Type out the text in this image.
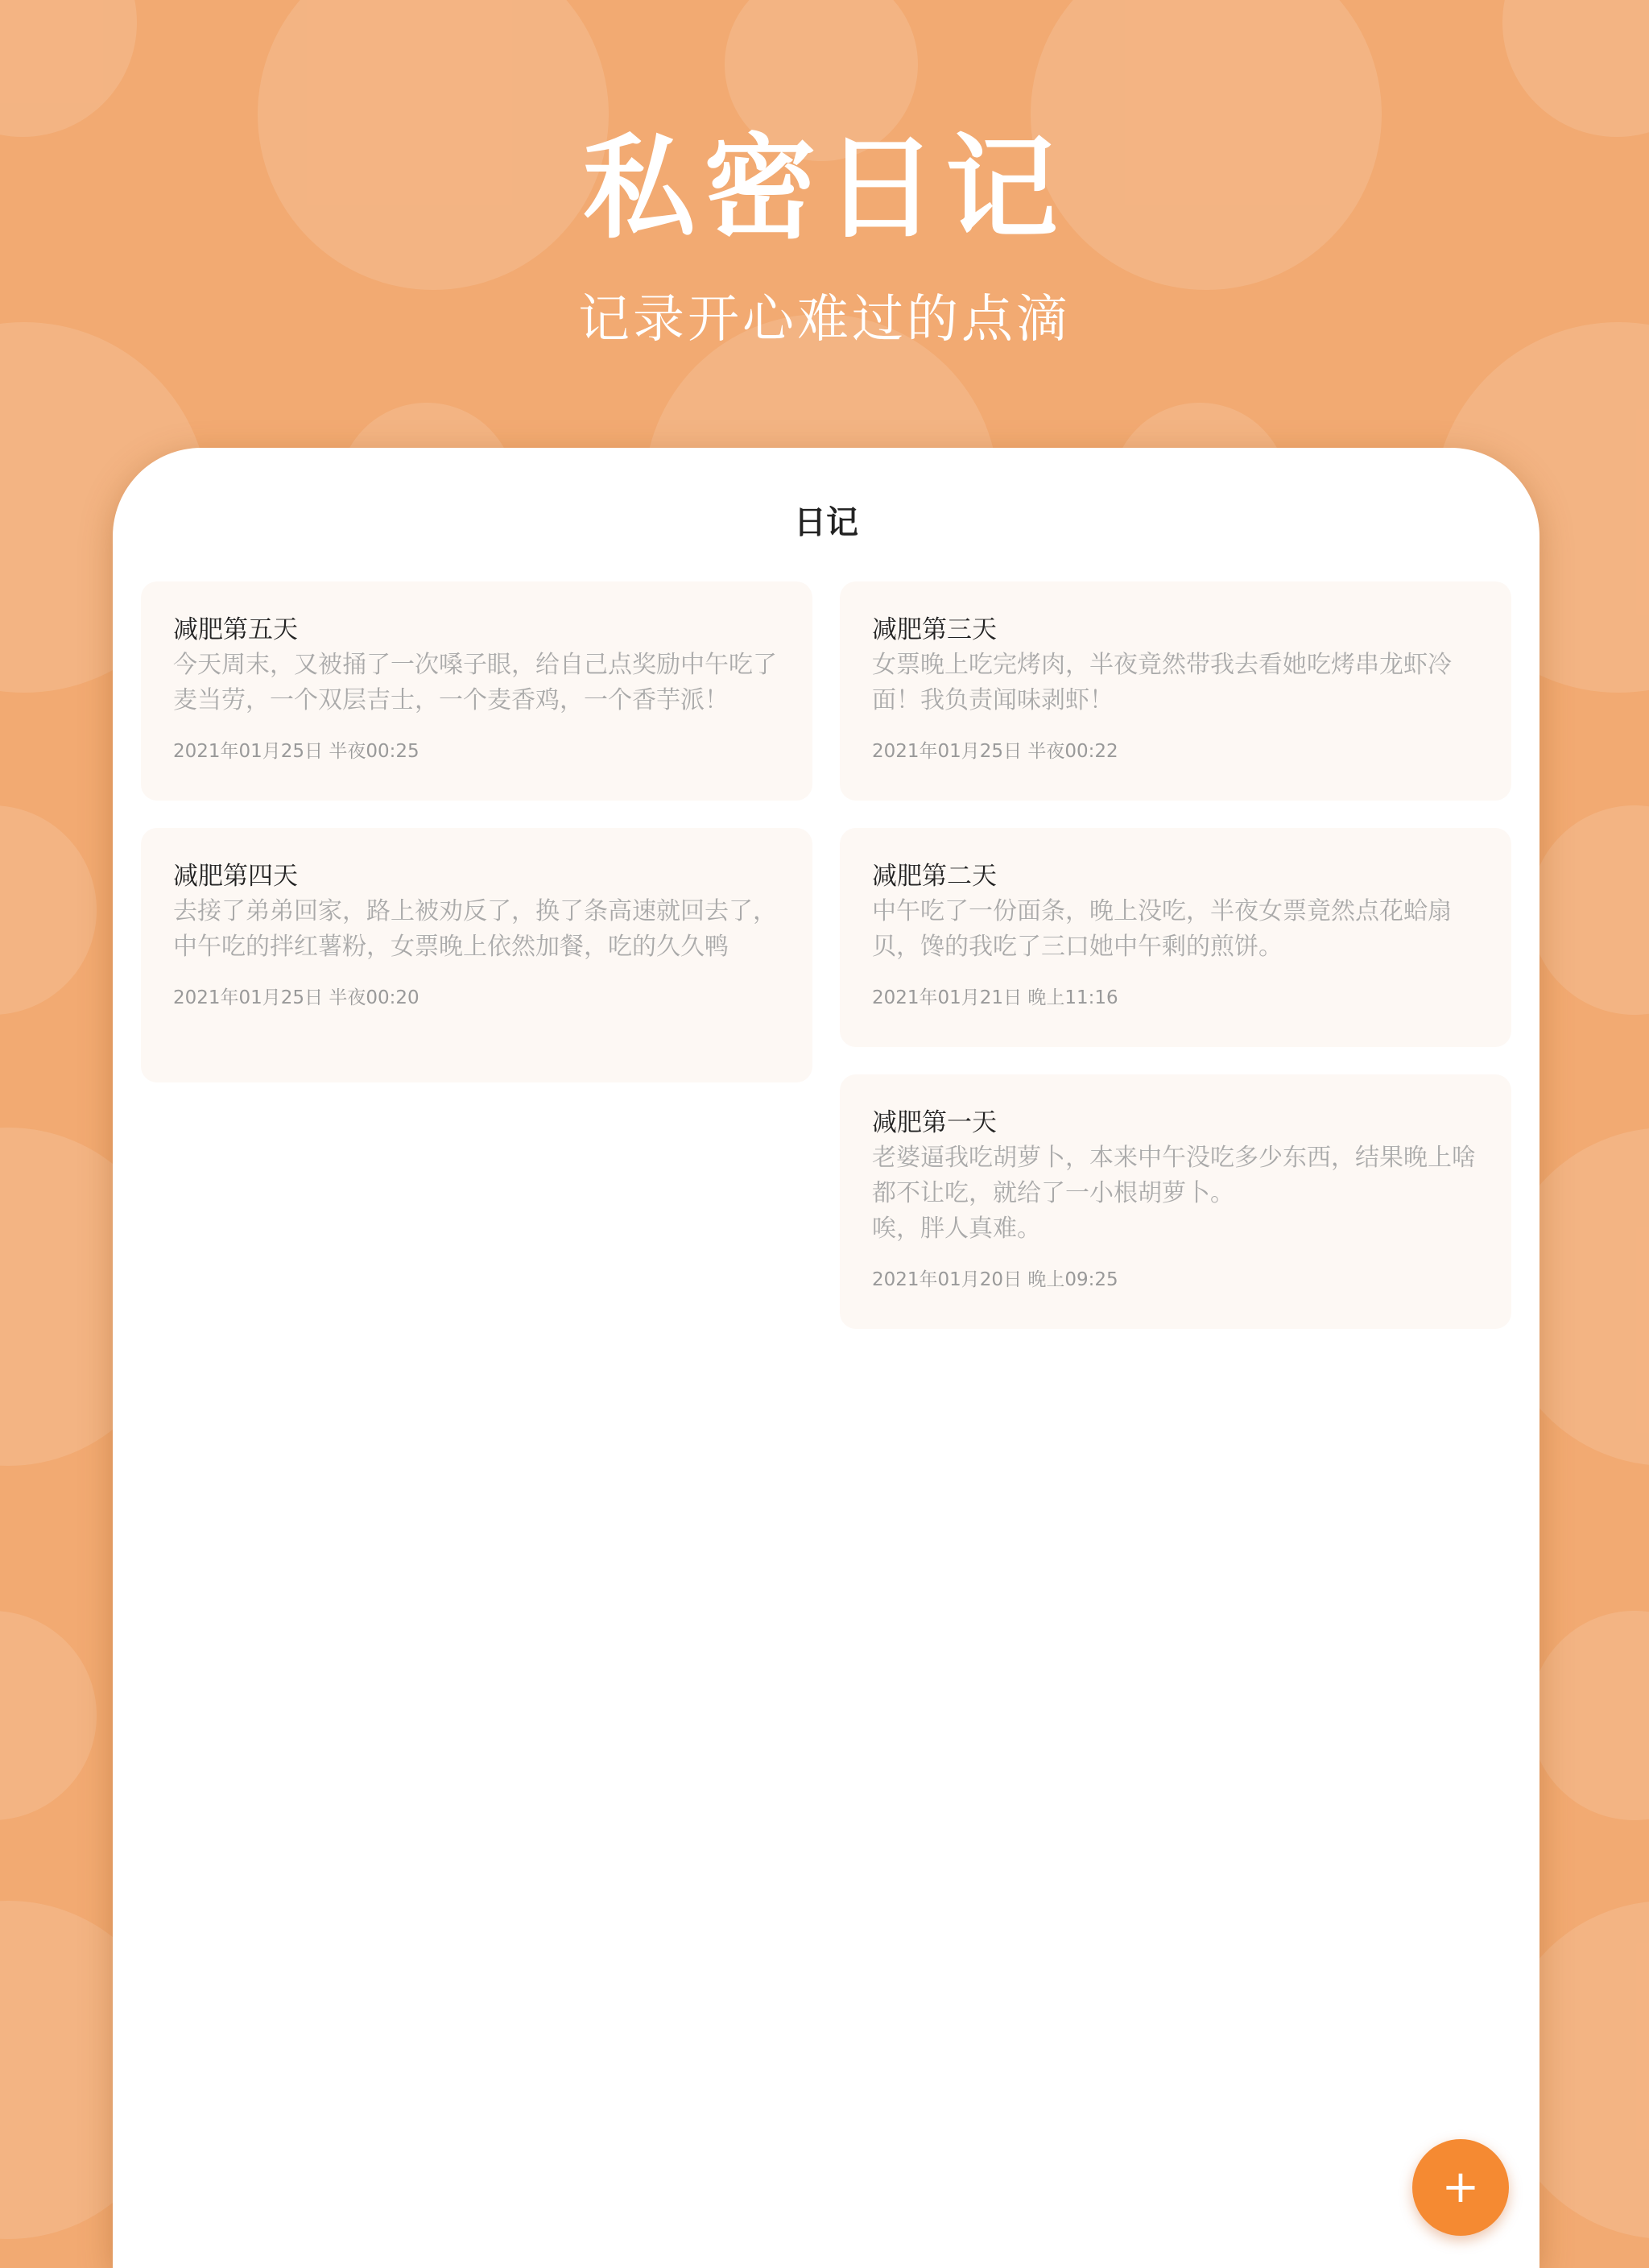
私密日记
记录开心难过的点滴
日记
减肥第五天
今天周末，又被捅了一次嗓子眼，给自己点奖励中午吃了麦当劳，一个双层吉士，一个麦香鸡，一个香芋派！
2021年01月25日 半夜00:25
减肥第三天
女票晚上吃完烤肉，半夜竟然带我去看她吃烤串龙虾冷面！我负责闻味剥虾！
2021年01月25日 半夜00:22
减肥第四天
去接了弟弟回家，路上被劝反了，换了条高速就回去了，中午吃的拌红薯粉，女票晚上依然加餐，吃的久久鸭
2021年01月25日 半夜00:20
减肥第二天
中午吃了一份面条，晚上没吃，半夜女票竟然点花蛤扇贝，馋的我吃了三口她中午剩的煎饼。
2021年01月21日 晚上11:16
减肥第一天
老婆逼我吃胡萝卜，本来中午没吃多少东西，结果晚上啥都不让吃，就给了一小根胡萝卜。
唉，胖人真难。
2021年01月20日 晚上09:25
+
